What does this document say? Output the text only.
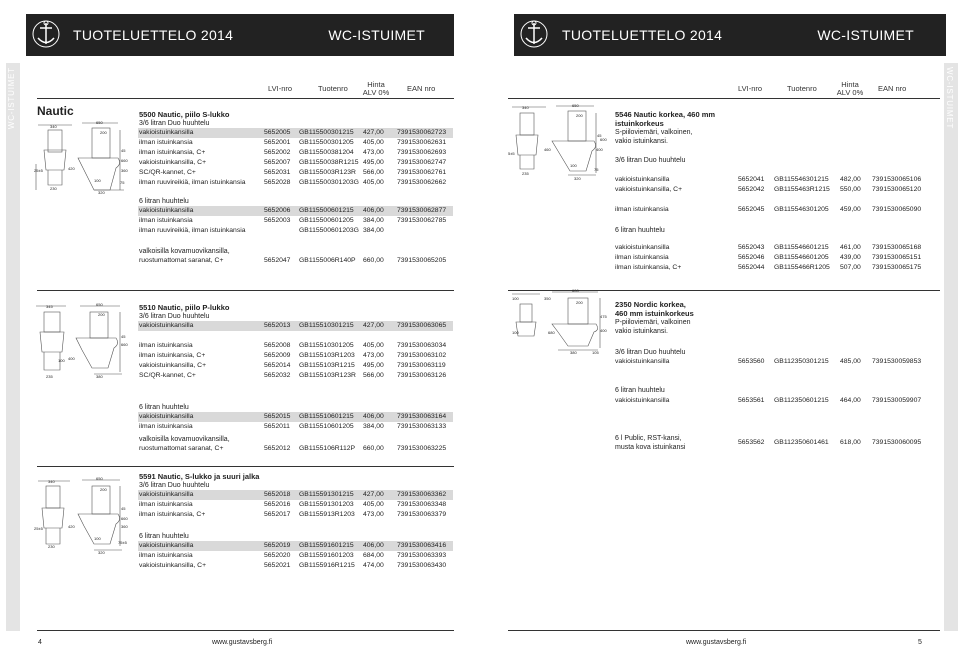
TUOTELUETTELO 2014	WC-ISTUIMET
WC-ISTUIMET Nautic
LVI-nro	Tuotenro	Hinta ALV 0% EAN nro
5500 Nautic, piilo S-lukko
3/6 litran Duo huuhtelu
vakioistuinkansilla	5652005 GB115500301215 427,00 7391530062723
ilman istuinkansia	5652001 GB115500301205 405,00 7391530062631
ilman istuinkansia, C+	5652002 GB115500381204 473,00 7391530062693
vakioistuinkansilla, C+	5652007 GB11550038R1215 495,00 7391530062747
SC/QR-kannet, C+	5652031 GB1155003R123R 566,00 7391530062761
ilman ruuvireikiä, ilman istuinkansia	5652028 GB115500301203G 405,00 7391530062662
6 litran huuhtelu
vakioistuinkansilla	5652006 GB115500601215 406,00 7391530062877
ilman istuinkansia	5652003 GB115500601205 384,00 7391530062785
ilman ruuvireikiä, ilman istuinkansia	GB115500601203G 384,00
valkoisilla kovamuovikansilla,
ruostumattomat saranat, C+	5652047 GB1155006R140P 660,00 7391530065205
5510 Nautic, piilo P-lukko
3/6 litran Duo huuhtelu
vakioistuinkansilla	5652013 GB115510301215 427,00 7391530063065
ilman istuinkansia	5652008 GB115510301205 405,00 7391530063034
ilman istuinkansia, C+	5652009 GB1155103R1203 473,00 7391530063102
vakioistuinkansilla, C+	5652014 GB1155103R1215 495,00 7391530063119
SC/QR-kannet, C+	5652032 GB1155103R123R 566,00 7391530063126
6 litran huuhtelu
vakioistuinkansilla	5652015 GB115510601215 406,00 7391530063164
ilman istuinkansia	5652011 GB115510601205 384,00 7391530063133
valkoisilla kovamuovikansilla,
ruostumattomat saranat, C+	5652012 GB1155106R112P 660,00 7391530063225
5591 Nautic, S-lukko ja suuri jalka
3/6 litran Duo huuhtelu
vakioistuinkansilla	5652018 GB115591301215 427,00 7391530063362
ilman istuinkansia	5652016 GB115591301203 405,00 7391530063348
ilman istuinkansia, C+	5652017 GB1155913R1203 473,00 7391530063379
6 litran huuhtelu
vakioistuinkansilla	5652019 GB115591601215 406,00 7391530063416
ilman istuinkansia	5652020 GB115591601203 684,00 7391530063393
vakioistuinkansilla, C+	5652021 GB1155916R1215 474,00 7391530063430
340
650
200
45
660
360
420
230
25±5
100	75
320
345	650
200
45
660
400
235
100
380
340
650
200
45
660
360
420
230
25±5
100
75±5
320
4	www.gustavsberg.fi
TUOTELUETTELO 2014	WC-ISTUIMET
WC-ISTUIMET
LVI-nro	Tuotenro	Hinta ALV 0% EAN nro
5546 Nautic korkea, 460 mm
istuinkorkeus
S-piiloviemäri, valkoinen,
vakio istuinkansi.
3/6 litran Duo huuhtelu
vakioistuinkansilla	5652041 GB115546301215 482,00 7391530065106
vakioistuinkansilla, C+	5652042 GB1155463R1215 550,00 7391530065120
ilman istuinkansia	5652045 GB115546301205 459,00 7391530065090
6 litran huuhtelu
vakioistuinkansilla	5652043 GB115546601215 461,00 7391530065168
ilman istuinkansia	5652046 GB115546601205 439,00 7391530065151
ilman istuinkansia, C+	5652044 GB1155466R1205 507,00 7391530065175
2350 Nordic korkea,
460 mm istuinkorkeus
P-piiloviemäri, valkoinen
vakio istuinkansi.
3/6 litran Duo huuhtelu
vakioistuinkansilla	5653560 GB112350301215 485,00 7391530059853
6 litran huuhtelu
vakioistuinkansilla	5653561 GB112350601215 464,00 7391530059907
6 l Public, RST-kansi,
musta kova istuinkansi
5653562 GB112350601461 618,00 7391530060095
340	650
200
45
600
400
460
235
5±5
100
75
320
100	350
600
200
475
680	400
380	105
100
www.gustavsberg.fi	5
